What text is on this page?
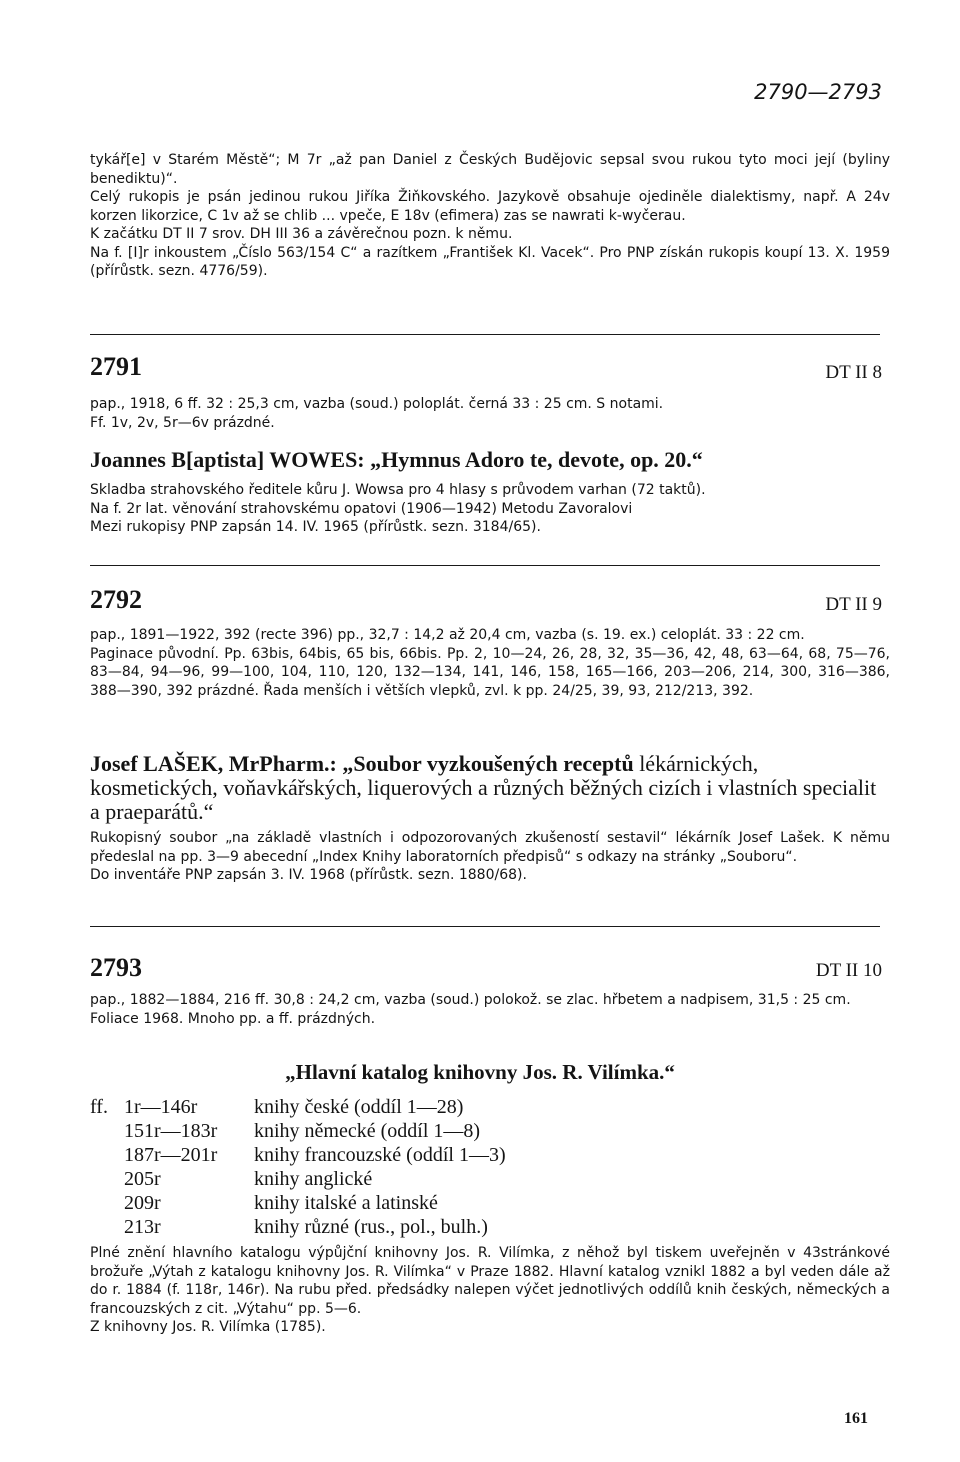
2790—2793

tykář[e] v Starém Městě“; M 7r „až pan Daniel z Českých Budějovic sepsal svou rukou tyto moci její (byliny benediktu)“.

Celý rukopis je psán jedinou rukou Jiříka Žiňkovského. Jazykově obsahuje ojediněle dialektismy, např. A 24v korzen likorzice, C 1v až se chlib ... vpeče, E 18v (efimera) zas se nawrati k-wyčerau.

K začátku DT II 7 srov. DH III 36 a závěrečnou pozn. k němu.

Na f. [I]r inkoustem „Číslo 563/154 C“ a razítkem „František Kl. Vacek“. Pro PNP získán rukopis koupí 13. X. 1959 (přírůstk. sezn. 4776/59).

2791	DT II 8

pap., 1918, 6 ff. 32 : 25,3 cm, vazba (soud.) poloplát. černá 33 : 25 cm. S notami.

Ff. 1v, 2v, 5r—6v prázdné.

Joannes B[aptista] WOWES: „Hymnus Adoro te, devote, op. 20.“

Skladba strahovského ředitele kůru J. Wowsa pro 4 hlasy s průvodem varhan (72 taktů).

Na f. 2r lat. věnování strahovskému opatovi (1906—1942) Metodu Zavoralovi

Mezi rukopisy PNP zapsán 14. IV. 1965 (přírůstk. sezn. 3184/65).

2792	DT II 9

pap., 1891—1922, 392 (recte 396) pp., 32,7 : 14,2 až 20,4 cm, vazba (s. 19. ex.) celoplát. 33 : 22 cm.

Paginace původní. Pp. 63bis, 64bis, 65 bis, 66bis. Pp. 2, 10—24, 26, 28, 32, 35—36, 42, 48, 63—64, 68, 75—76, 83—84, 94—96, 99—100, 104, 110, 120, 132—134, 141, 146, 158, 165—166, 203—206, 214, 300, 316—386, 388—390, 392 prázdné. Řada menších i větších vlepků, zvl. k pp. 24/25, 39, 93, 212/213, 392.

Josef LAŠEK, MrPharm.: „Soubor vyzkoušených receptů lékárnických, kosmetických, voňavkářských, liquerových a různých běžných cizích i vlastních specialit a praeparátů.“

Rukopisný soubor „na základě vlastních i odpozorovaných zkušeností sestavil“ lékárník Josef Lašek. K němu předeslal na pp. 3—9 abecední „Index Knihy laboratorních předpisů“ s odkazy na stránky „Souboru“.

Do inventáře PNP zapsán 3. IV. 1968 (přírůstk. sezn. 1880/68).

2793	DT II 10

pap., 1882—1884, 216 ff. 30,8 : 24,2 cm, vazba (soud.) polokož. se zlac. hřbetem a nadpisem, 31,5 : 25 cm.

Foliace 1968. Mnoho pp. a ff. prázdných.

„Hlavní katalog knihovny Jos. R. Vilímka.“
ff.	1r—146r	knihy české (oddíl 1—28)
	151r—183r	knihy německé (oddíl 1—8)
	187r—201r	knihy francouzské (oddíl 1—3)
	205r	knihy anglické
	209r	knihy italské a latinské
	213r	knihy různé (rus., pol., bulh.)

Plné znění hlavního katalogu výpůjční knihovny Jos. R. Vilímka, z něhož byl tiskem uveřejněn v 43stránkové brožuře „Výtah z katalogu knihovny Jos. R. Vilímka“ v Praze 1882. Hlavní katalog vznikl 1882 a byl veden dále až do r. 1884 (f. 118r, 146r). Na rubu před. předsádky nalepen výčet jednotlivých oddílů knih českých, německých a francouzských z cit. „Výtahu“ pp. 5—6.

Z knihovny Jos. R. Vilímka (1785).

161
